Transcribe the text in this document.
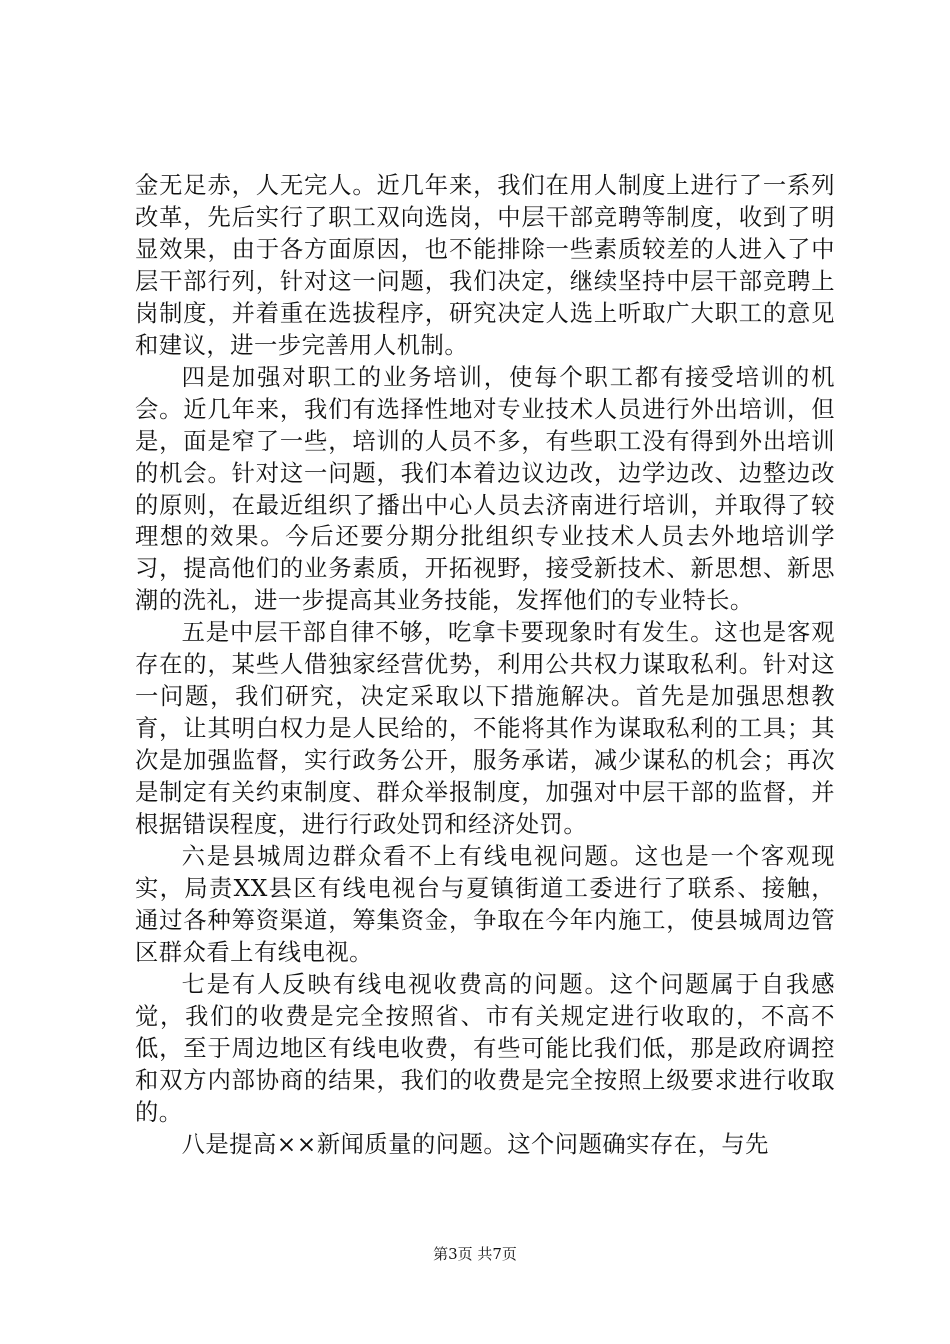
金无足赤，人无完人。近几年来，我们在用人制度上进行了一系列改革，先后实行了职工双向选岗，中层干部竞聘等制度，收到了明显效果，由于各方面原因，也不能排除一些素质较差的人进入了中层干部行列，针对这一问题，我们决定，继续坚持中层干部竞聘上岗制度，并着重在选拔程序，研究决定人选上听取广大职工的意见和建议，进一步完善用人机制。

四是加强对职工的业务培训，使每个职工都有接受培训的机会。近几年来，我们有选择性地对专业技术人员进行外出培训，但是，面是窄了一些，培训的人员不多，有些职工没有得到外出培训的机会。针对这一问题，我们本着边议边改，边学边改、边整边改的原则，在最近组织了播出中心人员去济南进行培训，并取得了较理想的效果。今后还要分期分批组织专业技术人员去外地培训学习，提高他们的业务素质，开拓视野，接受新技术、新思想、新思潮的洗礼，进一步提高其业务技能，发挥他们的专业特长。

五是中层干部自律不够，吃拿卡要现象时有发生。这也是客观存在的，某些人借独家经营优势，利用公共权力谋取私利。针对这一问题，我们研究，决定采取以下措施解决。首先是加强思想教育，让其明白权力是人民给的，不能将其作为谋取私利的工具；其次是加强监督，实行政务公开，服务承诺，减少谋私的机会；再次是制定有关约束制度、群众举报制度，加强对中层干部的监督，并根据错误程度，进行行政处罚和经济处罚。

六是县城周边群众看不上有线电视问题。这也是一个客观现实，局责XX县区有线电视台与夏镇街道工委进行了联系、接触，通过各种筹资渠道，筹集资金，争取在今年内施工，使县城周边管区群众看上有线电视。

七是有人反映有线电视收费高的问题。这个问题属于自我感觉，我们的收费是完全按照省、市有关规定进行收取的，不高不低，至于周边地区有线电收费，有些可能比我们低，那是政府调控和双方内部协商的结果，我们的收费是完全按照上级要求进行收取的。

八是提高××新闻质量的问题。这个问题确实存在，与先

第3页 共7页
